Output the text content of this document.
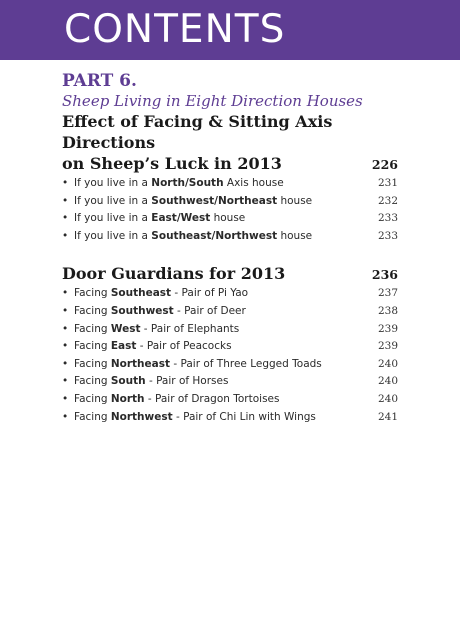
CONTENTS
PART 6.
Sheep Living in Eight Direction Houses
Effect of Facing & Sitting Axis Directions
on Sheep’s Luck in 2013	226
• If you live in a North/South Axis house	231
• If you live in a Southwest/Northeast house	232
• If you live in a East/West house	233
• If you live in a Southeast/Northwest house	233
Door Guardians for 2013	236
• Facing Southeast - Pair of Pi Yao	237
• Facing Southwest - Pair of Deer	238
• Facing West - Pair of Elephants	239
• Facing East - Pair of Peacocks	239
• Facing Northeast - Pair of Three Legged Toads	240
• Facing South - Pair of Horses	240
• Facing North - Pair of Dragon Tortoises	240
• Facing Northwest - Pair of Chi Lin with Wings	241
